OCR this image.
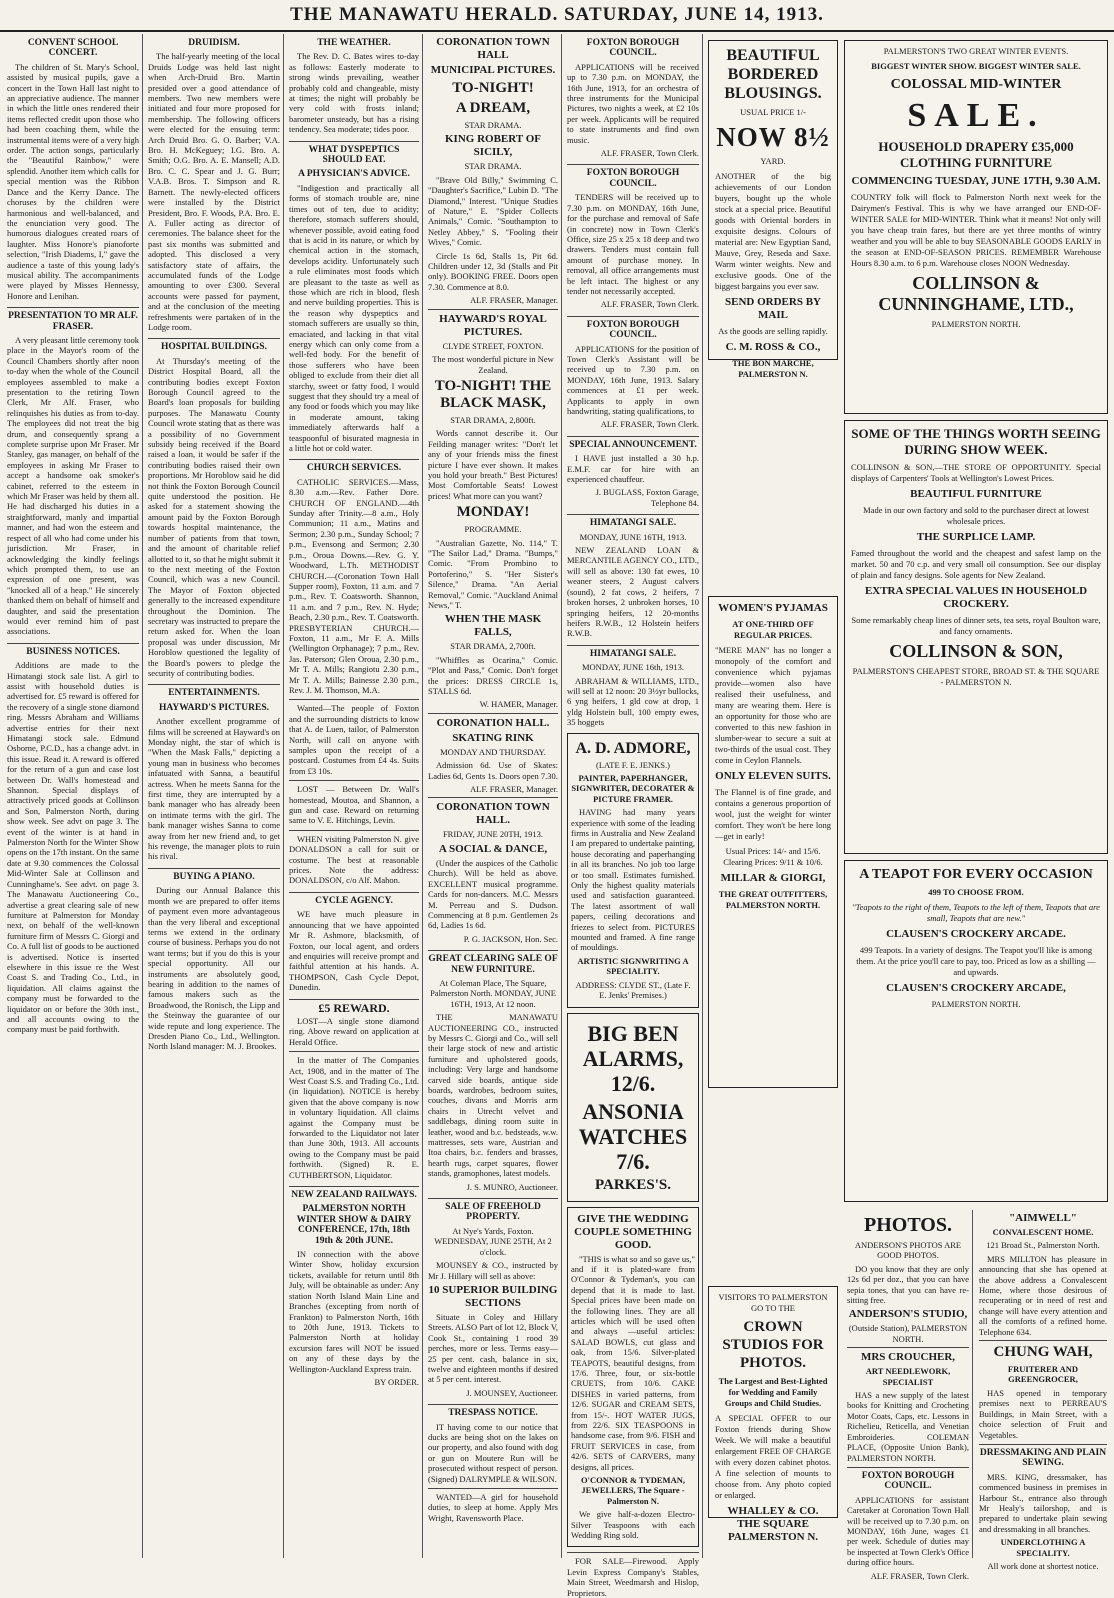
THE MANAWATU HERALD. SATURDAY, JUNE 14, 1913.

CONVENT SCHOOL CONCERT.

The children of St. Mary's School, assisted by musical pupils, gave a concert in the Town Hall last night to an appreciative audience. The manner in which the little ones rendered their items reflected credit upon those who had been coaching them, while the instrumental items were of a very high order. The action songs, particularly the "Beautiful Rainbow," were splendid. Another item which calls for special mention was the Ribbon Dance and the Kerry Dance. The choruses by the children were harmonious and well-balanced, and the enunciation very good. The humorous dialogues created roars of laughter. Miss Honore's pianoforte selection, "Irish Diadems, I," gave the audience a taste of this young lady's musical ability. The accompaniments were played by Misses Hennessy, Honore and Lenihan.

PRESENTATION TO MR ALF. FRASER.

A very pleasant little ceremony took place in the Mayor's room of the Council Chambers shortly after noon to-day when the whole of the Council employees assembled to make a presentation to the retiring Town Clerk, Mr Alf. Fraser, who relinquishes his duties as from to-day. The employees did not treat the big drum, and consequently sprang a complete surprise upon Mr Fraser. Mr Stanley, gas manager, on behalf of the employees in asking Mr Fraser to accept a handsome oak smoker's cabinet, referred to the esteem in which Mr Fraser was held by them all. He had discharged his duties in a straightforward, manly and impartial manner, and had won the esteem and respect of all who had come under his jurisdiction. Mr Fraser, in acknowledging the kindly feelings which prompted them, to use an expression of one present, was "knocked all of a heap." He sincerely thanked them on behalf of himself and daughter, and said the presentation would ever remind him of past associations.

BUSINESS NOTICES.

Additions are made to the Himatangi stock sale list. A girl to assist with household duties is advertised for. £5 reward is offered for the recovery of a single stone diamond ring. Messrs Abraham and Williams advertise entries for their next Himatangi stock sale. Edmund Osborne, P.C.D., has a change advt. in this issue. Read it. A reward is offered for the return of a gun and case lost between Dr. Wall's homestead and Shannon. Special displays of attractively priced goods at Collinson and Son, Palmerston North, during show week. See advt on page 3. The event of the winter is at hand in Palmerston North for the Winter Show opens on the 17th instant. On the same date at 9.30 commences the Colossal Mid-Winter Sale at Collinson and Cunninghame's. See advt. on page 3. The Manawatu Auctioneering Co., advertise a great clearing sale of new furniture at Palmerston for Monday next, on behalf of the well-known furniture firm of Messrs C. Giorgi and Co. A full list of goods to be auctioned is advertised. Notice is inserted elsewhere in this issue re the West Coast S. and Trading Co., Ltd., in liquidation. All claims against the company must be forwarded to the liquidator on or before the 30th inst., and all accounts owing to the company must be paid forthwith.

DRUIDISM.

The half-yearly meeting of the local Druids Lodge was held last night when Arch-Druid Bro. Martin presided over a good attendance of members. Two new members were initiated and four more proposed for membership. The following officers were elected for the ensuing term: Arch Druid Bro. G. O. Barber; V.A. Bro. H. McKeguey; I.G. Bro. A. Smith; O.G. Bro. A. E. Mansell; A.D. Bro. C. C. Spear and J. G. Burr; V.A.B. Bros. T. Simpson and R. Barnett. The newly-elected officers were installed by the District President, Bro. F. Woods, P.A. Bro. E. A. Fuller acting as director of ceremonies. The balance sheet for the past six months was submitted and adopted. This disclosed a very satisfactory state of affairs, the accumulated funds of the Lodge amounting to over £300. Several accounts were passed for payment, and at the conclusion of the meeting refreshments were partaken of in the Lodge room.

HOSPITAL BUILDINGS.

At Thursday's meeting of the District Hospital Board, all the contributing bodies except Foxton Borough Council agreed to the Board's loan proposals for building purposes. The Manawatu County Council wrote stating that as there was a possibility of no Government subsidy being received if the Board raised a loan, it would be safer if the contributing bodies raised their own proportions. Mr Horoblow said he did not think the Foxton Borough Council quite understood the position. He asked for a statement showing the amount paid by the Foxton Borough towards hospital maintenance, the number of patients from that town, and the amount of charitable relief allotted to it, so that he might submit it to the next meeting of the Foxton Council, which was a new Council. The Mayor of Foxton objected generally to the increased expenditure throughout the Dominion. The secretary was instructed to prepare the return asked for. When the loan proposal was under discussion, Mr Horoblow questioned the legality of the Board's powers to pledge the security of contributing bodies.

ENTERTAINMENTS.

HAYWARD'S PICTURES.

Another excellent programme of films will be screened at Hayward's on Monday night, the star of which is "When the Mask Falls," depicting a young man in business who becomes infatuated with Sanna, a beautiful actress. When he meets Sanna for the first time, they are interrupted by a bank manager who has already been on intimate terms with the girl. The bank manager wishes Sanna to come away from her new friend and, to get his revenge, the manager plots to ruin his rival.

BUYING A PIANO.

During our Annual Balance this month we are prepared to offer items of payment even more advantageous than the very liberal and exceptional terms we extend in the ordinary course of business. Perhaps you do not want terms; but if you do this is your special opportunity. All our instruments are absolutely good, bearing in addition to the names of famous makers such as the Broadwood, the Ronisch, the Lipp and the Steinway the guarantee of our wide repute and long experience. The Dresden Piano Co., Ltd., Wellington. North Island manager: M. J. Brookes.

THE WEATHER.

The Rev. D. C. Bates wires to-day as follows: Easterly moderate to strong winds prevailing, weather probably cold and changeable, misty at times; the night will probably be very cold with frosts inland; barometer unsteady, but has a rising tendency. Sea moderate; tides poor.

WHAT DYSPEPTICS SHOULD EAT.

A PHYSICIAN'S ADVICE.

"Indigestion and practically all forms of stomach trouble are, nine times out of ten, due to acidity; therefore, stomach sufferers should, whenever possible, avoid eating food that is acid in its nature, or which by chemical action in the stomach, develops acidity. Unfortunately such a rule eliminates most foods which are pleasant to the taste as well as those which are rich in blood, flesh and nerve building properties. This is the reason why dyspeptics and stomach sufferers are usually so thin, emaciated, and lacking in that vital energy which can only come from a well-fed body. For the benefit of those sufferers who have been obliged to exclude from their diet all starchy, sweet or fatty food, I would suggest that they should try a meal of any food or foods which you may like in moderate amount, taking immediately afterwards half a teaspoonful of bisurated magnesia in a little hot or cold water.

CHURCH SERVICES.

CATHOLIC SERVICES.—Mass, 8.30 a.m.—Rev. Father Dore. CHURCH OF ENGLAND.—4th Sunday after Trinity.—8 a.m., Holy Communion; 11 a.m., Matins and Sermon; 2.30 p.m., Sunday School; 7 p.m., Evensong and Sermon; 2.30 p.m., Oroua Downs.—Rev. G. Y. Woodward, L.Th. METHODIST CHURCH.—(Coronation Town Hall Supper room), Foxton, 11 a.m. and 7 p.m., Rev. T. Coatsworth. Shannon, 11 a.m. and 7 p.m., Rev. N. Hyde; Beach, 2.30 p.m., Rev. T. Coatsworth. PRESBYTERIAN CHURCH.—Foxton, 11 a.m., Mr F. A. Mills (Wellington Orphanage); 7 p.m., Rev. Jas. Paterson; Glen Oroua, 2.30 p.m., Mr T. A. Mills; Rangiotu 2.30 p.m., Mr T. A. Mills; Bainesse 2.30 p.m., Rev. J. M. Thomson, M.A.

Wanted—The people of Foxton and the surrounding districts to know that A. de Luen, tailor, of Palmerston North, will call on anyone with samples upon the receipt of a postcard. Costumes from £4 4s. Suits from £3 10s.

LOST — Between Dr. Wall's homestead, Moutoa, and Shannon, a gun and case. Reward on returning same to V. E. Hitchings, Levin.

WHEN visiting Palmerston N. give DONALDSON a call for suit or costume. The best at reasonable prices. Note the address: DONALDSON, c/o Alf. Mahon.

CYCLE AGENCY.

WE have much pleasure in announcing that we have appointed Mr R. Ashmore, blacksmith, of Foxton, our local agent, and orders and enquiries will receive prompt and faithful attention at his hands. A. THOMPSON, Cash Cycle Depot, Dunedin.

£5 REWARD.

LOST—A single stone diamond ring. Above reward on application at Herald Office.

In the matter of The Companies Act, 1908, and in the matter of The West Coast S.S. and Trading Co., Ltd. (in liquidation). NOTICE is hereby given that the above company is now in voluntary liquidation. All claims against the Company must be forwarded to the Liquidator not later than June 30th, 1913. All accounts owing to the Company must be paid forthwith. (Signed) R. E. CUTHBERTSON, Liquidator.

NEW ZEALAND RAILWAYS.

PALMERSTON NORTH WINTER SHOW & DAIRY CONFERENCE, 17th, 18th 19th & 20th JUNE.

IN connection with the above Winter Show, holiday excursion tickets, available for return until 8th July, will be obtainable as under: Any station North Island Main Line and Branches (excepting from north of Frankton) to Palmerston North, 16th to 20th June, 1913. Tickets to Palmerston North at holiday excursion fares will NOT be issued on any of these days by the Wellington-Auckland Express train.

BY ORDER.

CORONATION TOWN HALL

MUNICIPAL PICTURES.

TO-NIGHT!

A DREAM,

STAR DRAMA.

KING ROBERT OF SICILY,

STAR DRAMA.

"Brave Old Billy," Swimming C. "Daughter's Sacrifice," Lubin D. "The Diamond," Interest. "Unique Studies of Nature," E. "Spider Collects Animals," Comic. "Southampton to Netley Abbey," S. "Fooling their Wives," Comic.

Circle 1s 6d, Stalls 1s, Pit 6d. Children under 12, 3d (Stalls and Pit only). BOOKING FREE. Doors open 7.30. Commence at 8.0.

ALF. FRASER, Manager.

HAYWARD'S ROYAL PICTURES.

CLYDE STREET, FOXTON.

The most wonderful picture in New Zealand.

TO-NIGHT! THE BLACK MASK,

STAR DRAMA, 2,800ft.

Words cannot describe it. Our Feilding manager writes: "Don't let any of your friends miss the finest picture I have ever shown. It makes you hold your breath." Best Pictures! Most Comfortable Seats! Lowest prices! What more can you want?

MONDAY!

PROGRAMME.

"Australian Gazette, No. 114," T. "The Sailor Lad," Drama. "Bumps," Comic. "From Prombino to Portoferino," S. "Her Sister's Silence," Drama. "An Aerial Removal," Comic. "Auckland Animal News," T.

WHEN THE MASK FALLS,

STAR DRAMA, 2,700ft.

"Whiffles as Ocarina," Comic. "Plot and Pass," Comic. Don't forget the prices: DRESS CIRCLE 1s, STALLS 6d.

W. HAMER, Manager.

CORONATION HALL.

SKATING RINK

MONDAY AND THURSDAY.

Admission 6d. Use of Skates: Ladies 6d, Gents 1s. Doors open 7.30.

ALF. FRASER, Manager.

CORONATION TOWN HALL.

FRIDAY, JUNE 20TH, 1913.

A SOCIAL & DANCE,

(Under the auspices of the Catholic Church). Will be held as above. EXCELLENT musical programme. Cards for non-dancers. M.C. Messrs M. Perreau and S. Dudson. Commencing at 8 p.m. Gentlemen 2s 6d, Ladies 1s 6d.

P. G. JACKSON, Hon. Sec.

GREAT CLEARING SALE OF NEW FURNITURE.

At Coleman Place, The Square, Palmerston North. MONDAY, JUNE 16TH, 1913, At 12 noon.

THE MANAWATU AUCTIONEERING CO., instructed by Messrs C. Giorgi and Co., will sell their large stock of new and artistic furniture and upholstered goods, including: Very large and handsome carved side boards, antique side boards, wardrobes, bedroom suites, couches, divans and Morris arm chairs in Utrecht velvet and saddlebags, dining room suite in leather, wood and b.c. bedsteads, w.w. mattresses, sets ware, Austrian and Itoa chairs, b.c. fenders and brasses, hearth rugs, carpet squares, flower stands, gramophones, latest models.

J. S. MUNRO, Auctioneer.

SALE OF FREEHOLD PROPERTY.

At Nye's Yards, Foxton. WEDNESDAY, JUNE 25TH, At 2 o'clock.

MOUNSEY & CO., instructed by Mr J. Hillary will sell as above:

10 SUPERIOR BUILDING SECTIONS

Situate in Coley and Hillary Streets. ALSO Part of lot 12, Block V, Cook St., containing 1 rood 39 perches, more or less. Terms easy—25 per cent. cash, balance in six, twelve and eighteen months if desired at 5 per cent. interest.

J. MOUNSEY, Auctioneer.

TRESPASS NOTICE.

IT having come to our notice that ducks are being shot on the lakes on our property, and also found with dog or gun on Moutere Run will be prosecuted without respect of person. (Signed) DALRYMPLE & WILSON.

WANTED—A girl for household duties, to sleep at home. Apply Mrs Wright, Ravensworth Place.

FOXTON BOROUGH COUNCIL.

APPLICATIONS will be received up to 7.30 p.m. on MONDAY, the 16th June, 1913, for an orchestra of three instruments for the Municipal Pictures, two nights a week, at £2 10s per week. Applicants will be required to state instruments and find own music.

ALF. FRASER, Town Clerk.

FOXTON BOROUGH COUNCIL.

TENDERS will be received up to 7.30 p.m. on MONDAY, 16th June, for the purchase and removal of Safe (in concrete) now in Town Clerk's Office, size 25 x 25 x 18 deep and two drawers. Tenders must contain full amount of purchase money. In removal, all office arrangements must be left intact. The highest or any tender not necessarily accepted.

ALF. FRASER, Town Clerk.

FOXTON BOROUGH COUNCIL.

APPLICATIONS for the position of Town Clerk's Assistant will be received up to 7.30 p.m. on MONDAY, 16th June, 1913. Salary commences at £1 per week. Applicants to apply in own handwriting, stating qualifications, to

ALF. FRASER, Town Clerk.

SPECIAL ANNOUNCEMENT.

I HAVE just installed a 30 h.p. E.M.F. car for hire with an experienced chauffeur.

J. BUGLASS, Foxton Garage, Telephone 84.

HIMATANGI SALE.

MONDAY, JUNE 16TH, 1913.

NEW ZEALAND LOAN & MERCANTILE AGENCY CO., LTD., will sell as above: 130 fat ewes, 10 weaner steers, 2 August calvers (sound), 2 fat cows, 2 heifers, 7 broken horses, 2 unbroken horses, 10 springing heifers, 12 20-months heifers R.W.B., 12 Holstein heifers R.W.B.

HIMATANGI SALE.

MONDAY, JUNE 16th, 1913.

ABRAHAM & WILLIAMS, LTD., will sell at 12 noon: 20 3½yr bullocks, 6 yng heifers, 1 gld cow at drop, 1 yldg Holstein bull, 100 empty ewes, 35 hoggets

A. D. ADMORE,

(LATE F. E. JENKS.)

PAINTER, PAPERHANGER, SIGNWRITER, DECORATER & PICTURE FRAMER.

HAVING had many years experience with some of the leading firms in Australia and New Zealand I am prepared to undertake painting, house decorating and paperhanging in all its branches. No job too large or too small. Estimates furnished. Only the highest quality materials used and satisfaction guaranteed. The latest assortment of wall papers, ceiling decorations and friezes to select from. PICTURES mounted and framed. A fine range of mouldings.

ARTISTIC SIGNWRITING A SPECIALITY.

ADDRESS: CLYDE ST., (Late F. E. Jenks' Premises.)

BIG BEN ALARMS, 12/6.

ANSONIA WATCHES 7/6.

PARKES'S.

GIVE THE WEDDING COUPLE SOMETHING GOOD.

"THIS is what so and so gave us," and if it is plated-ware from O'Connor & Tydeman's, you can depend that it is made to last. Special prices have been made on the following lines. They are all articles which will be used often and always —useful articles: SALAD BOWLS, cut glass and oak, from 15/6. Silver-plated TEAPOTS, beautiful designs, from 17/6. Three, four, or six-bottle CRUETS, from 10/6. CAKE DISHES in varied patterns, from 12/6. SUGAR and CREAM SETS, from 15/-. HOT WATER JUGS, from 22/6. SIX TEASPOONS in handsome case, from 9/6. FISH and FRUIT SERVICES in case, from 42/6. SETS of CARVERS, many designs, all prices.

O'CONNOR & TYDEMAN, JEWELLERS, The Square - Palmerston N.

We give half-a-dozen Electro-Silver Teaspoons with each Wedding Ring sold.

FOR SALE—Firewood. Apply Levin Express Company's Stables, Main Street, Weedmarsh and Hislop, Proprietors.

BEAUTIFUL BORDERED BLOUSINGS.

USUAL PRICE 1/-

NOW 8½

YARD.

ANOTHER of the big achievements of our London buyers, bought up the whole stock at a special price. Beautiful goods with Oriental borders in exquisite designs. Colours of material are: New Egyptian Sand, Mauve, Grey, Reseda and Saxe. Warm winter weights. New and exclusive goods. One of the biggest bargains you ever saw.

SEND ORDERS BY MAIL

As the goods are selling rapidly.

C. M. ROSS & CO.,

THE BON MARCHE, PALMERSTON N.

WOMEN'S PYJAMAS

AT ONE-THIRD OFF REGULAR PRICES.

"MERE MAN" has no longer a monopoly of the comfort and convenience which pyjamas provide—women also have realised their usefulness, and many are wearing them. Here is an opportunity for those who are converted to this new fashion in slumber-wear to secure a suit at two-thirds of the usual cost. They come in Ceylon Flannels.

ONLY ELEVEN SUITS.

The Flannel is of fine grade, and contains a generous proportion of wool, just the weight for winter comfort. They won't be here long—get in early!

Usual Prices: 14/- and 15/6. Clearing Prices: 9/11 & 10/6.

MILLAR & GIORGI,

THE GREAT OUTFITTERS, PALMERSTON NORTH.

VISITORS TO PALMERSTON GO TO THE

CROWN STUDIOS FOR PHOTOS.

The Largest and Best-Lighted for Wedding and Family Groups and Child Studies.

A SPECIAL OFFER to our Foxton friends during Show Week. We will make a beautiful enlargement FREE OF CHARGE with every dozen cabinet photos. A fine selection of mounts to choose from. Any photo copied or enlarged.

WHALLEY & CO. THE SQUARE PALMERSTON N.

PALMERSTON'S TWO GREAT WINTER EVENTS.

BIGGEST WINTER SHOW. BIGGEST WINTER SALE.

COLOSSAL MID-WINTER

SALE.

HOUSEHOLD DRAPERY £35,000 CLOTHING FURNITURE

COMMENCING TUESDAY, JUNE 17TH, 9.30 A.M.

COUNTRY folk will flock to Palmerston North next week for the Dairymen's Festival. This is why we have arranged our END-OF-WINTER SALE for MID-WINTER. Think what it means! Not only will you have cheap train fares, but there are yet three months of wintry weather and you will be able to buy SEASONABLE GOODS EARLY in the season at END-OF-SEASON PRICES. REMEMBER Warehouse Hours 8.30 a.m. to 6 p.m. Warehouse closes NOON Wednesday.

COLLINSON & CUNNINGHAME, LTD.,

PALMERSTON NORTH.

SOME OF THE THINGS WORTH SEEING DURING SHOW WEEK.

COLLINSON & SON,—THE STORE OF OPPORTUNITY. Special displays of Carpenters' Tools at Wellington's Lowest Prices.

BEAUTIFUL FURNITURE

Made in our own factory and sold to the purchaser direct at lowest wholesale prices.

THE SURPLICE LAMP.

Famed throughout the world and the cheapest and safest lamp on the market. 50 and 70 c.p. and very small oil consumption. See our display of plain and fancy designs. Sole agents for New Zealand.

EXTRA SPECIAL VALUES IN HOUSEHOLD CROCKERY.

Some remarkably cheap lines of dinner sets, tea sets, royal Boulton ware, and fancy ornaments.

COLLINSON & SON,

PALMERSTON'S CHEAPEST STORE, BROAD ST. & THE SQUARE - PALMERSTON N.

A TEAPOT FOR EVERY OCCASION

499 TO CHOOSE FROM.

"Teapots to the right of them, Teapots to the left of them, Teapots that are small, Teapots that are new."

CLAUSEN'S CROCKERY ARCADE.

499 Teapots. In a variety of designs. The Teapot you'll like is among them. At the price you'll care to pay, too. Priced as low as a shilling —and upwards.

CLAUSEN'S CROCKERY ARCADE,

PALMERSTON NORTH.

PHOTOS.

ANDERSON'S PHOTOS ARE GOOD PHOTOS.

DO you know that they are only 12s 6d per doz., that you can have sepia tones, that you can have re-sitting free.

ANDERSON'S STUDIO,

(Outside Station), PALMERSTON NORTH.

MRS CROUCHER,

ART NEEDLEWORK, SPECIALIST

HAS a new supply of the latest books for Knitting and Crocheting Motor Coats, Caps, etc. Lessons in Richelieu, Reticella, and Venetian Embroideries. COLEMAN PLACE, (Opposite Union Bank), PALMERSTON NORTH.

FOXTON BOROUGH COUNCIL.

APPLICATIONS for assistant Caretaker at Coronation Town Hall will be received up to 7.30 p.m. on MONDAY, 16th June, wages £1 per week. Schedule of duties may be inspected at Town Clerk's Office during office hours.

ALF. FRASER, Town Clerk.

"AIMWELL"

CONVALESCENT HOME.

121 Broad St., Palmerston North.

MRS MILLTON has pleasure in announcing that she has opened at the above address a Convalescent Home, where those desirous of recuperating or in need of rest and change will have every attention and all the comforts of a refined home. Telephone 634.

CHUNG WAH,

FRUITERER AND GREENGROCER,

HAS opened in temporary premises next to PERREAU'S Buildings, in Main Street, with a choice selection of Fruit and Vegetables.

DRESSMAKING AND PLAIN SEWING.

MRS. KING, dressmaker, has commenced business in premises in Harbour St., entrance also through Mr Healy's tailorshop, and is prepared to undertake plain sewing and dressmaking in all branches.

UNDERCLOTHING A SPECIALITY.

All work done at shortest notice.
